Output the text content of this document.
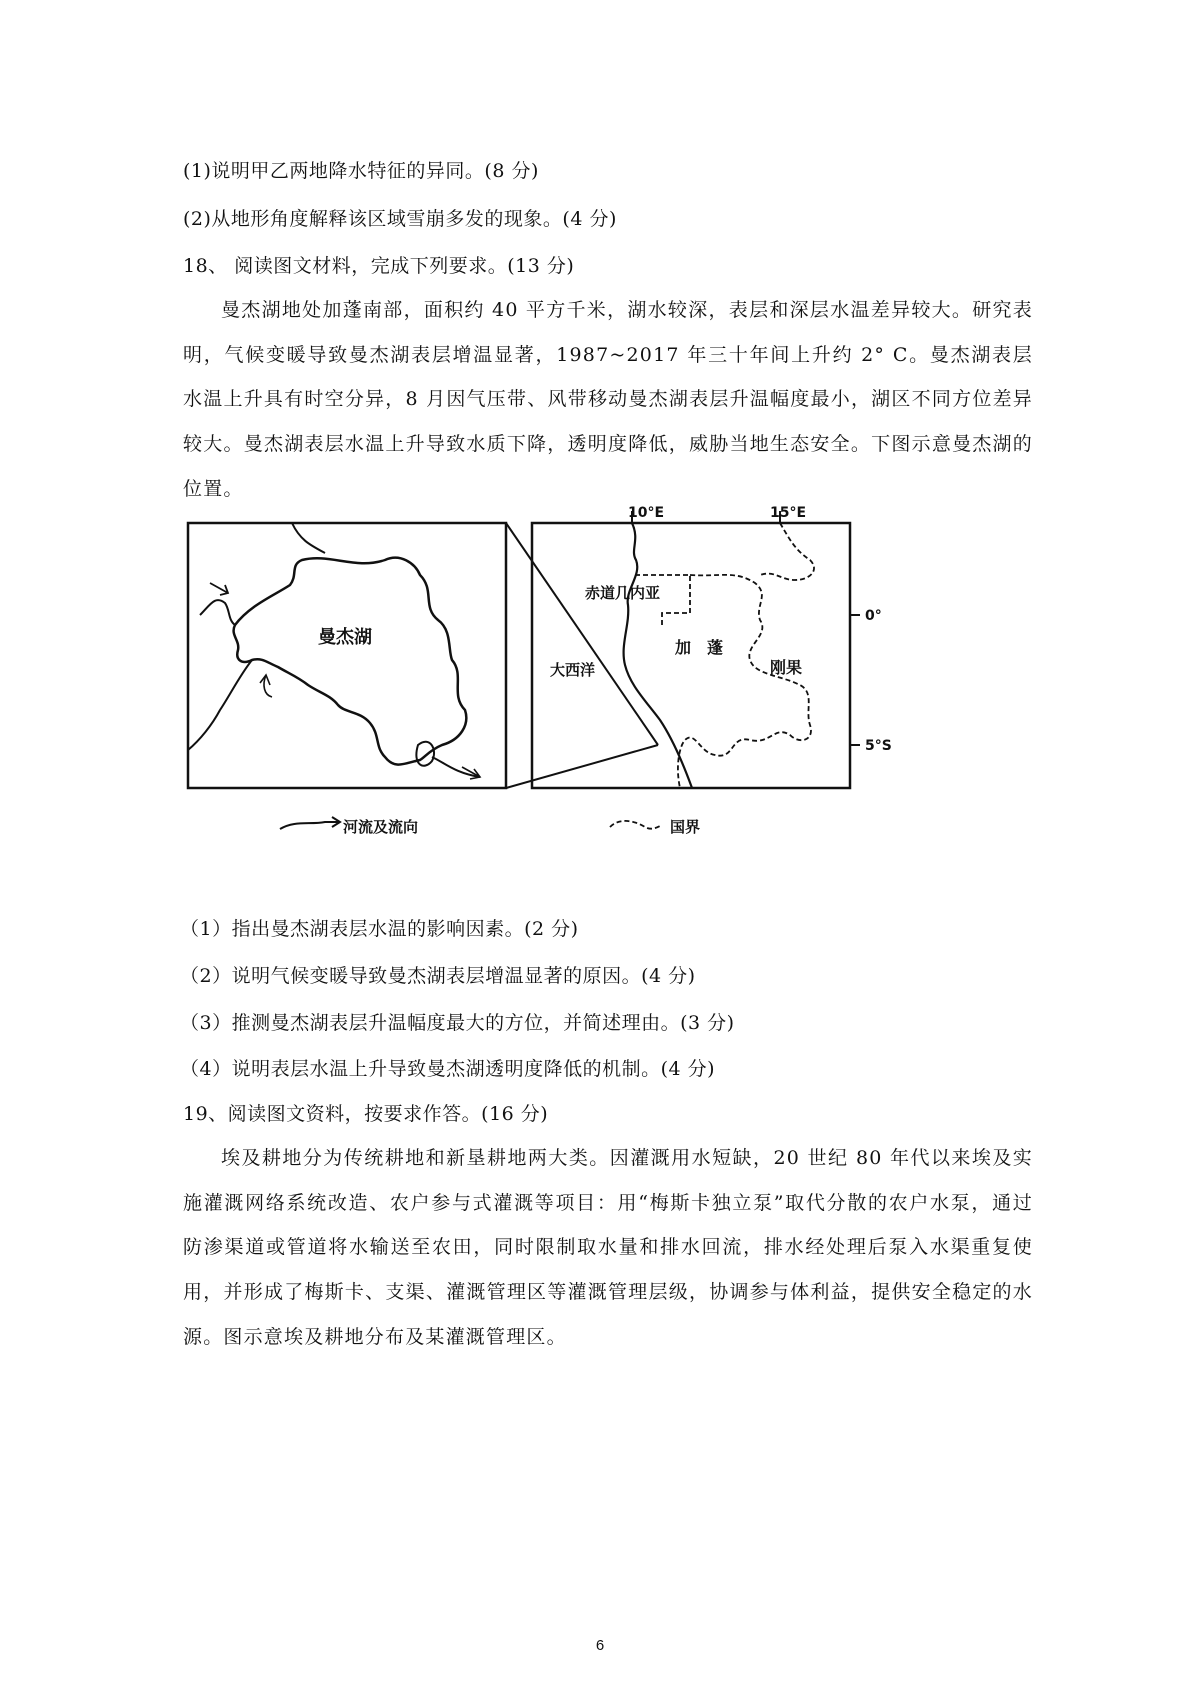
(1)说明甲乙两地降水特征的异同。(8 分)
(2)从地形角度解释该区域雪崩多发的现象。(4 分)
18、 阅读图文材料，完成下列要求。(13 分)

曼杰湖地处加蓬南部，面积约 40 平方千米，湖水较深，表层和深层水温差异较大。研究表明，气候变暖导致曼杰湖表层增温显著，1987~2017 年三十年间上升约 2° C。曼杰湖表层水温上升具有时空分异，8 月因气压带、风带移动曼杰湖表层升温幅度最小，湖区不同方位差异较大。曼杰湖表层水温上升导致水质下降，透明度降低，威胁当地生态安全。下图示意曼杰湖的位置。

曼杰湖
10°E	15°E
0°
5°S
赤道几内亚
加　蓬
刚果
大西洋
河流及流向	国界
（1）指出曼杰湖表层水温的影响因素。(2 分)
（2）说明气候变暖导致曼杰湖表层增温显著的原因。(4 分)
（3）推测曼杰湖表层升温幅度最大的方位，并简述理由。(3 分)
（4）说明表层水温上升导致曼杰湖透明度降低的机制。(4 分)
19、阅读图文资料，按要求作答。(16 分)

埃及耕地分为传统耕地和新垦耕地两大类。因灌溉用水短缺，20 世纪 80 年代以来埃及实施灌溉网络系统改造、农户参与式灌溉等项目：用“梅斯卡独立泵”取代分散的农户水泵，通过防渗渠道或管道将水输送至农田，同时限制取水量和排水回流，排水经处理后泵入水渠重复使用，并形成了梅斯卡、支渠、灌溉管理区等灌溉管理层级，协调参与体利益，提供安全稳定的水源。图示意埃及耕地分布及某灌溉管理区。

6
